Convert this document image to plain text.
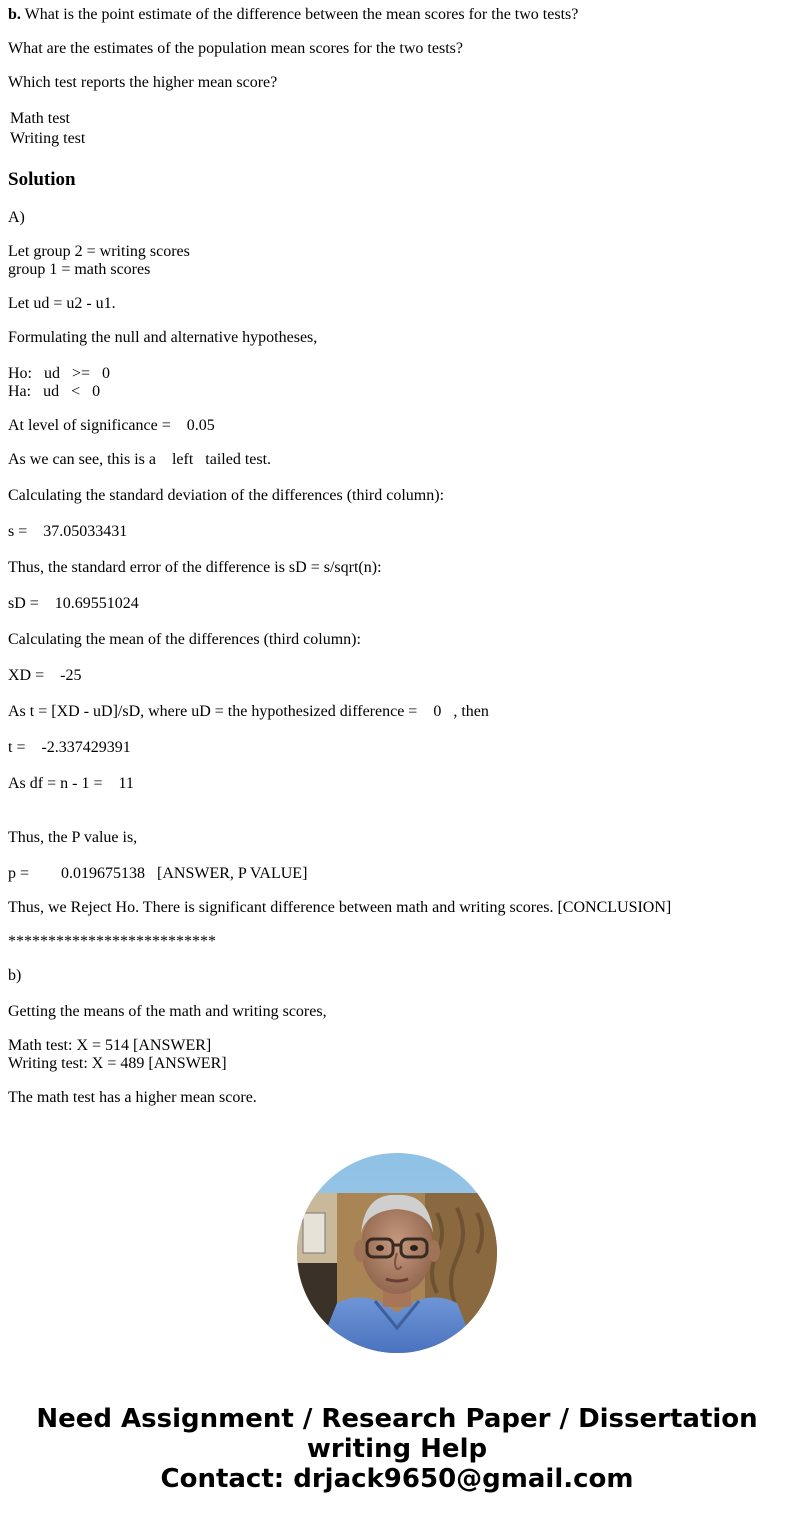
b. What is the point estimate of the difference between the mean scores for the two tests?
What are the estimates of the population mean scores for the two tests?
Which test reports the higher mean score?
Math test
Writing test
Solution
A)
Let group 2 = writing scores
group 1 = math scores
Let ud = u2 - u1.
Formulating the null and alternative hypotheses,
Ho:   ud   >=   0
Ha:   ud   <   0
At level of significance =    0.05
As we can see, this is a    left   tailed test.
Calculating the standard deviation of the differences (third column):
s =    37.05033431
Thus, the standard error of the difference is sD = s/sqrt(n):
sD =    10.69551024
Calculating the mean of the differences (third column):
XD =    -25
As t = [XD - uD]/sD, where uD = the hypothesized difference =    0   , then
t =    -2.337429391
As df = n - 1 =    11
Thus, the P value is,
p =        0.019675138   [ANSWER, P VALUE]
Thus, we Reject Ho. There is significant difference between math and writing scores. [CONCLUSION]
**************************
b)
Getting the means of the math and writing scores,
Math test: X = 514 [ANSWER]
Writing test: X = 489 [ANSWER]
The math test has a higher mean score.
Need Assignment / Research Paper / Dissertation
writing Help
Contact: drjack9650@gmail.com
